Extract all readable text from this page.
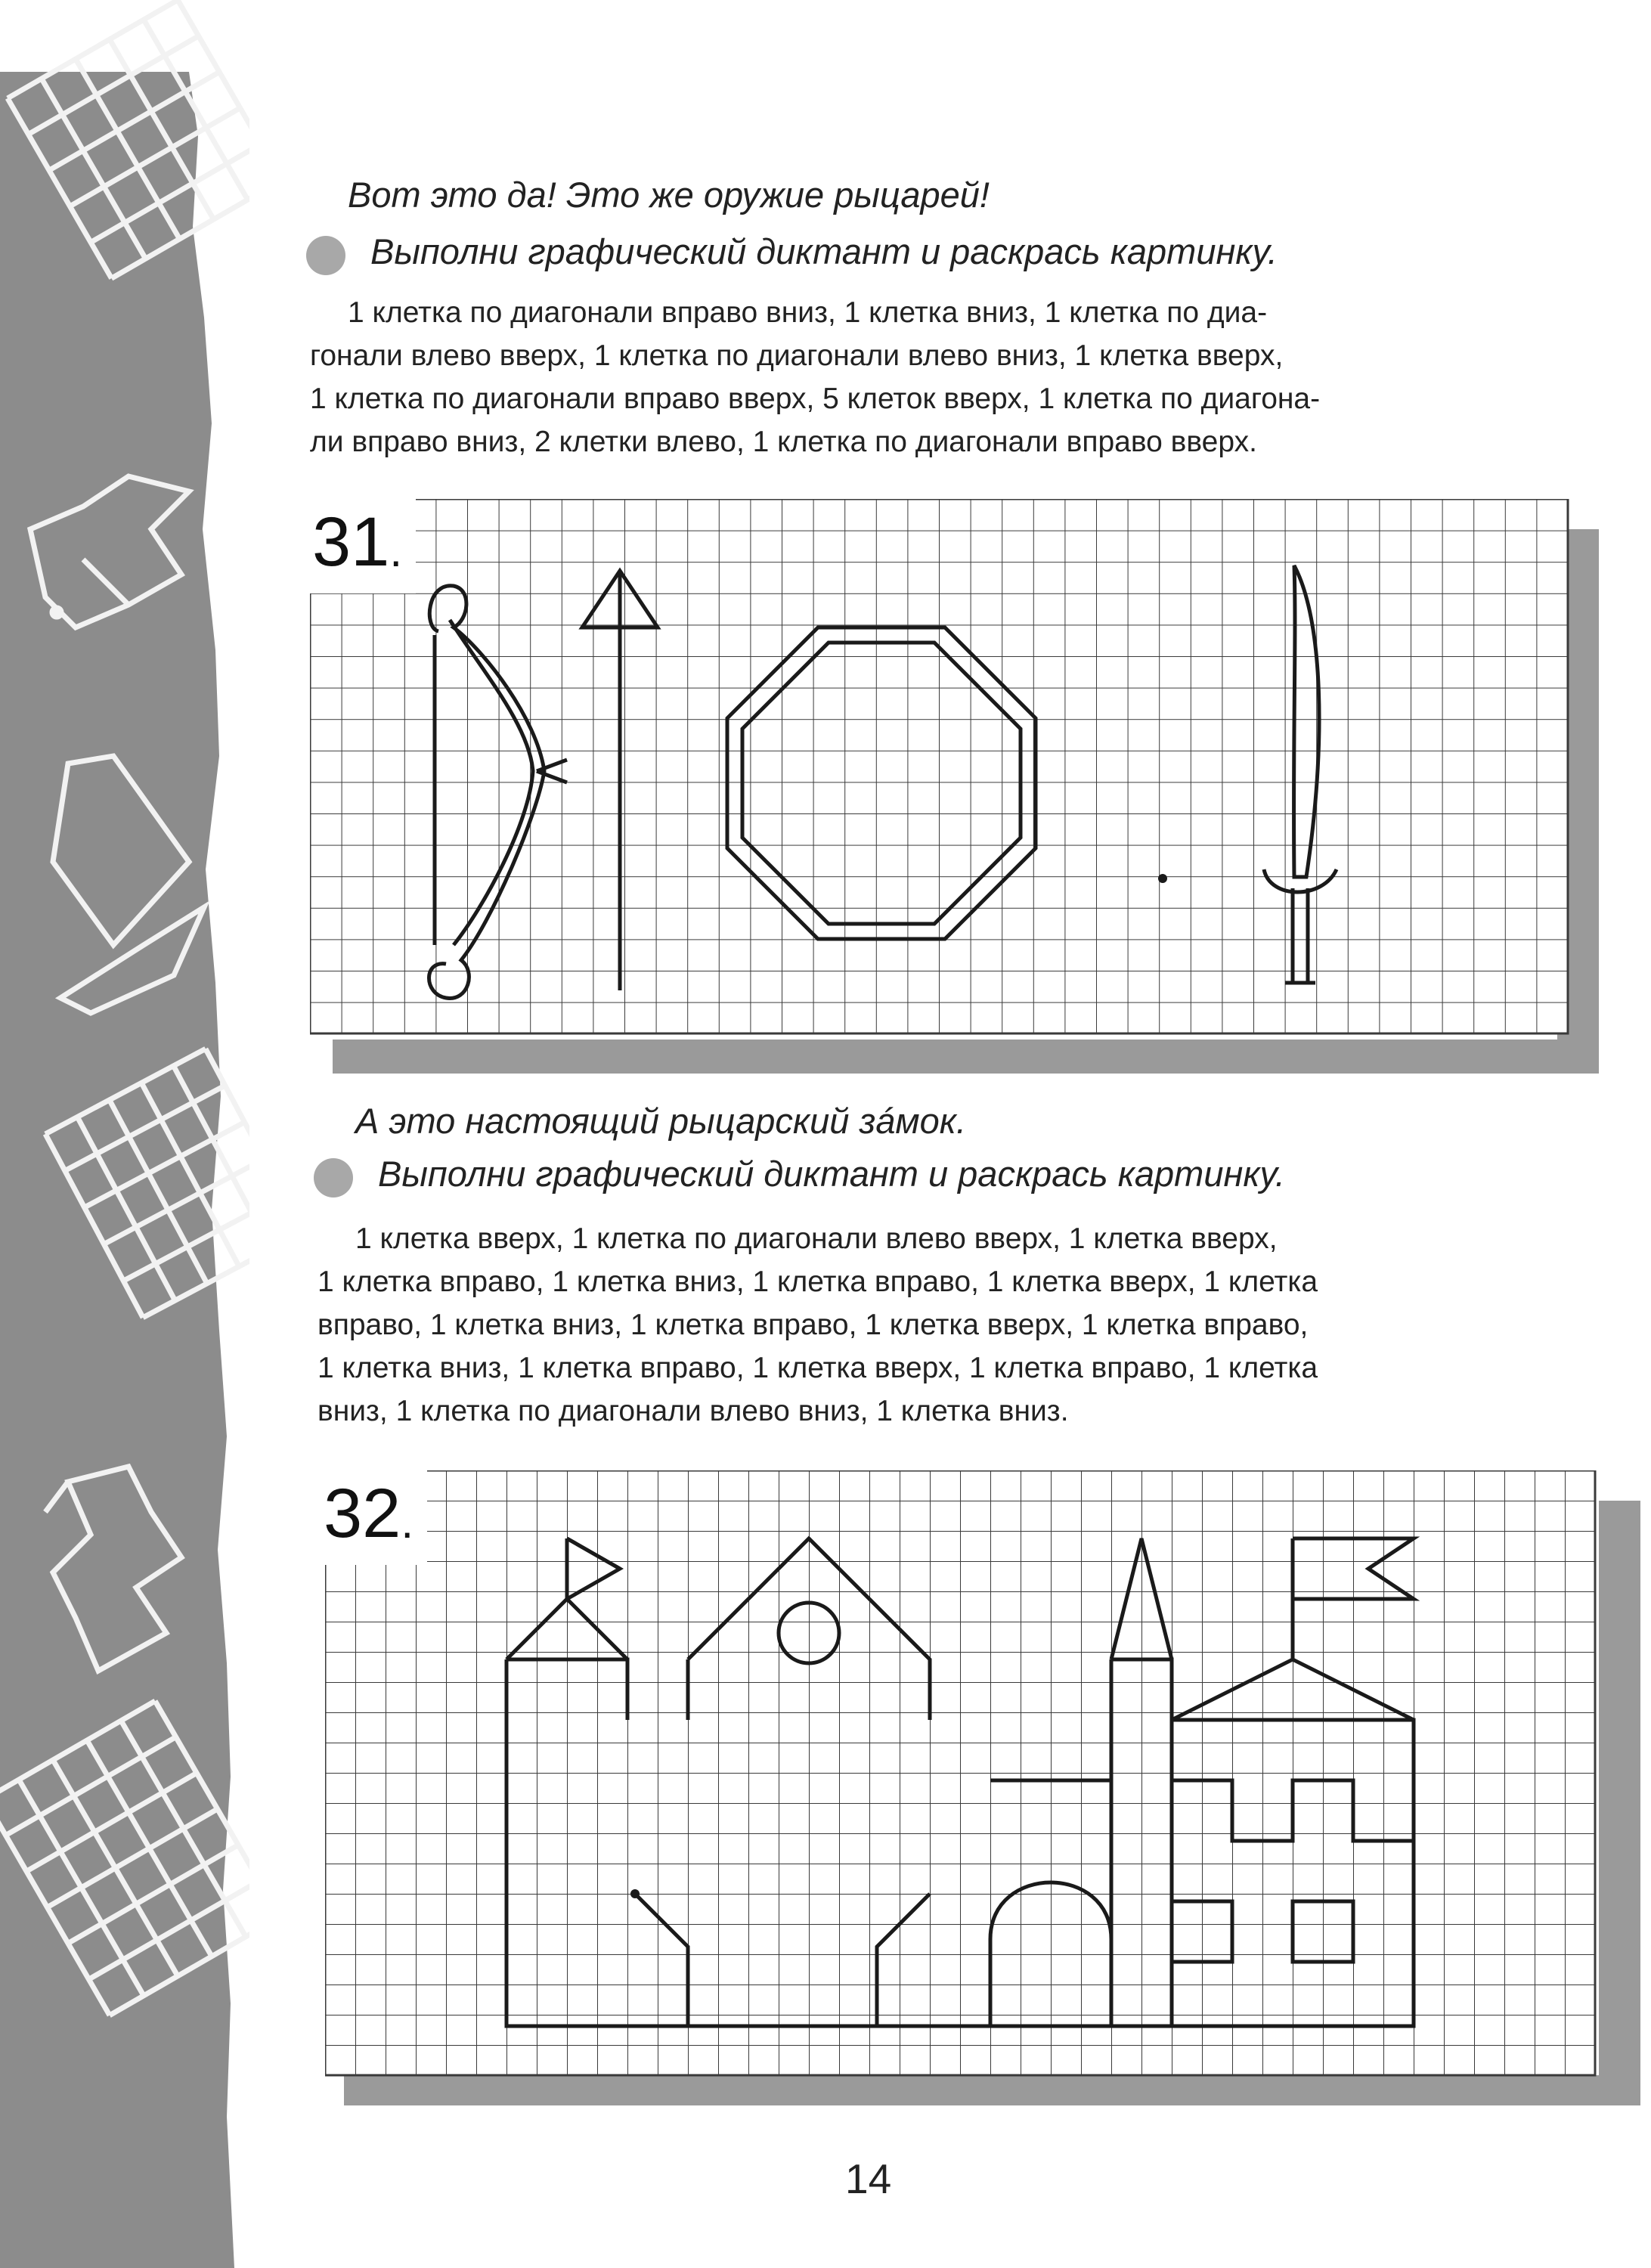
Вот это да! Это же оружие рыцарей!
Выполни графический диктант и раскрась картинку.
1 клетка по диагонали вправо вниз, 1 клетка вниз, 1 клетка по диа-
гонали влево вверх, 1 клетка по диагонали влево вниз, 1 клетка вверх,
1 клетка по диагонали вправо вверх, 5 клеток вверх, 1 клетка по диагона-
ли вправо вниз, 2 клетки влево, 1 клетка по диагонали вправо вверх.
31 .
А это настоящий рыцарский зáмок.
Выполни графический диктант и раскрась картинку.
1 клетка вверх, 1 клетка по диагонали влево вверх, 1 клетка вверх,
1 клетка вправо, 1 клетка вниз, 1 клетка вправо, 1 клетка вверх, 1 клетка
вправо, 1 клетка вниз, 1 клетка вправо, 1 клетка вверх, 1 клетка вправо,
1 клетка вниз, 1 клетка вправо, 1 клетка вверх, 1 клетка вправо, 1 клетка
вниз, 1 клетка по диагонали влево вниз, 1 клетка вниз.
32 .
14
